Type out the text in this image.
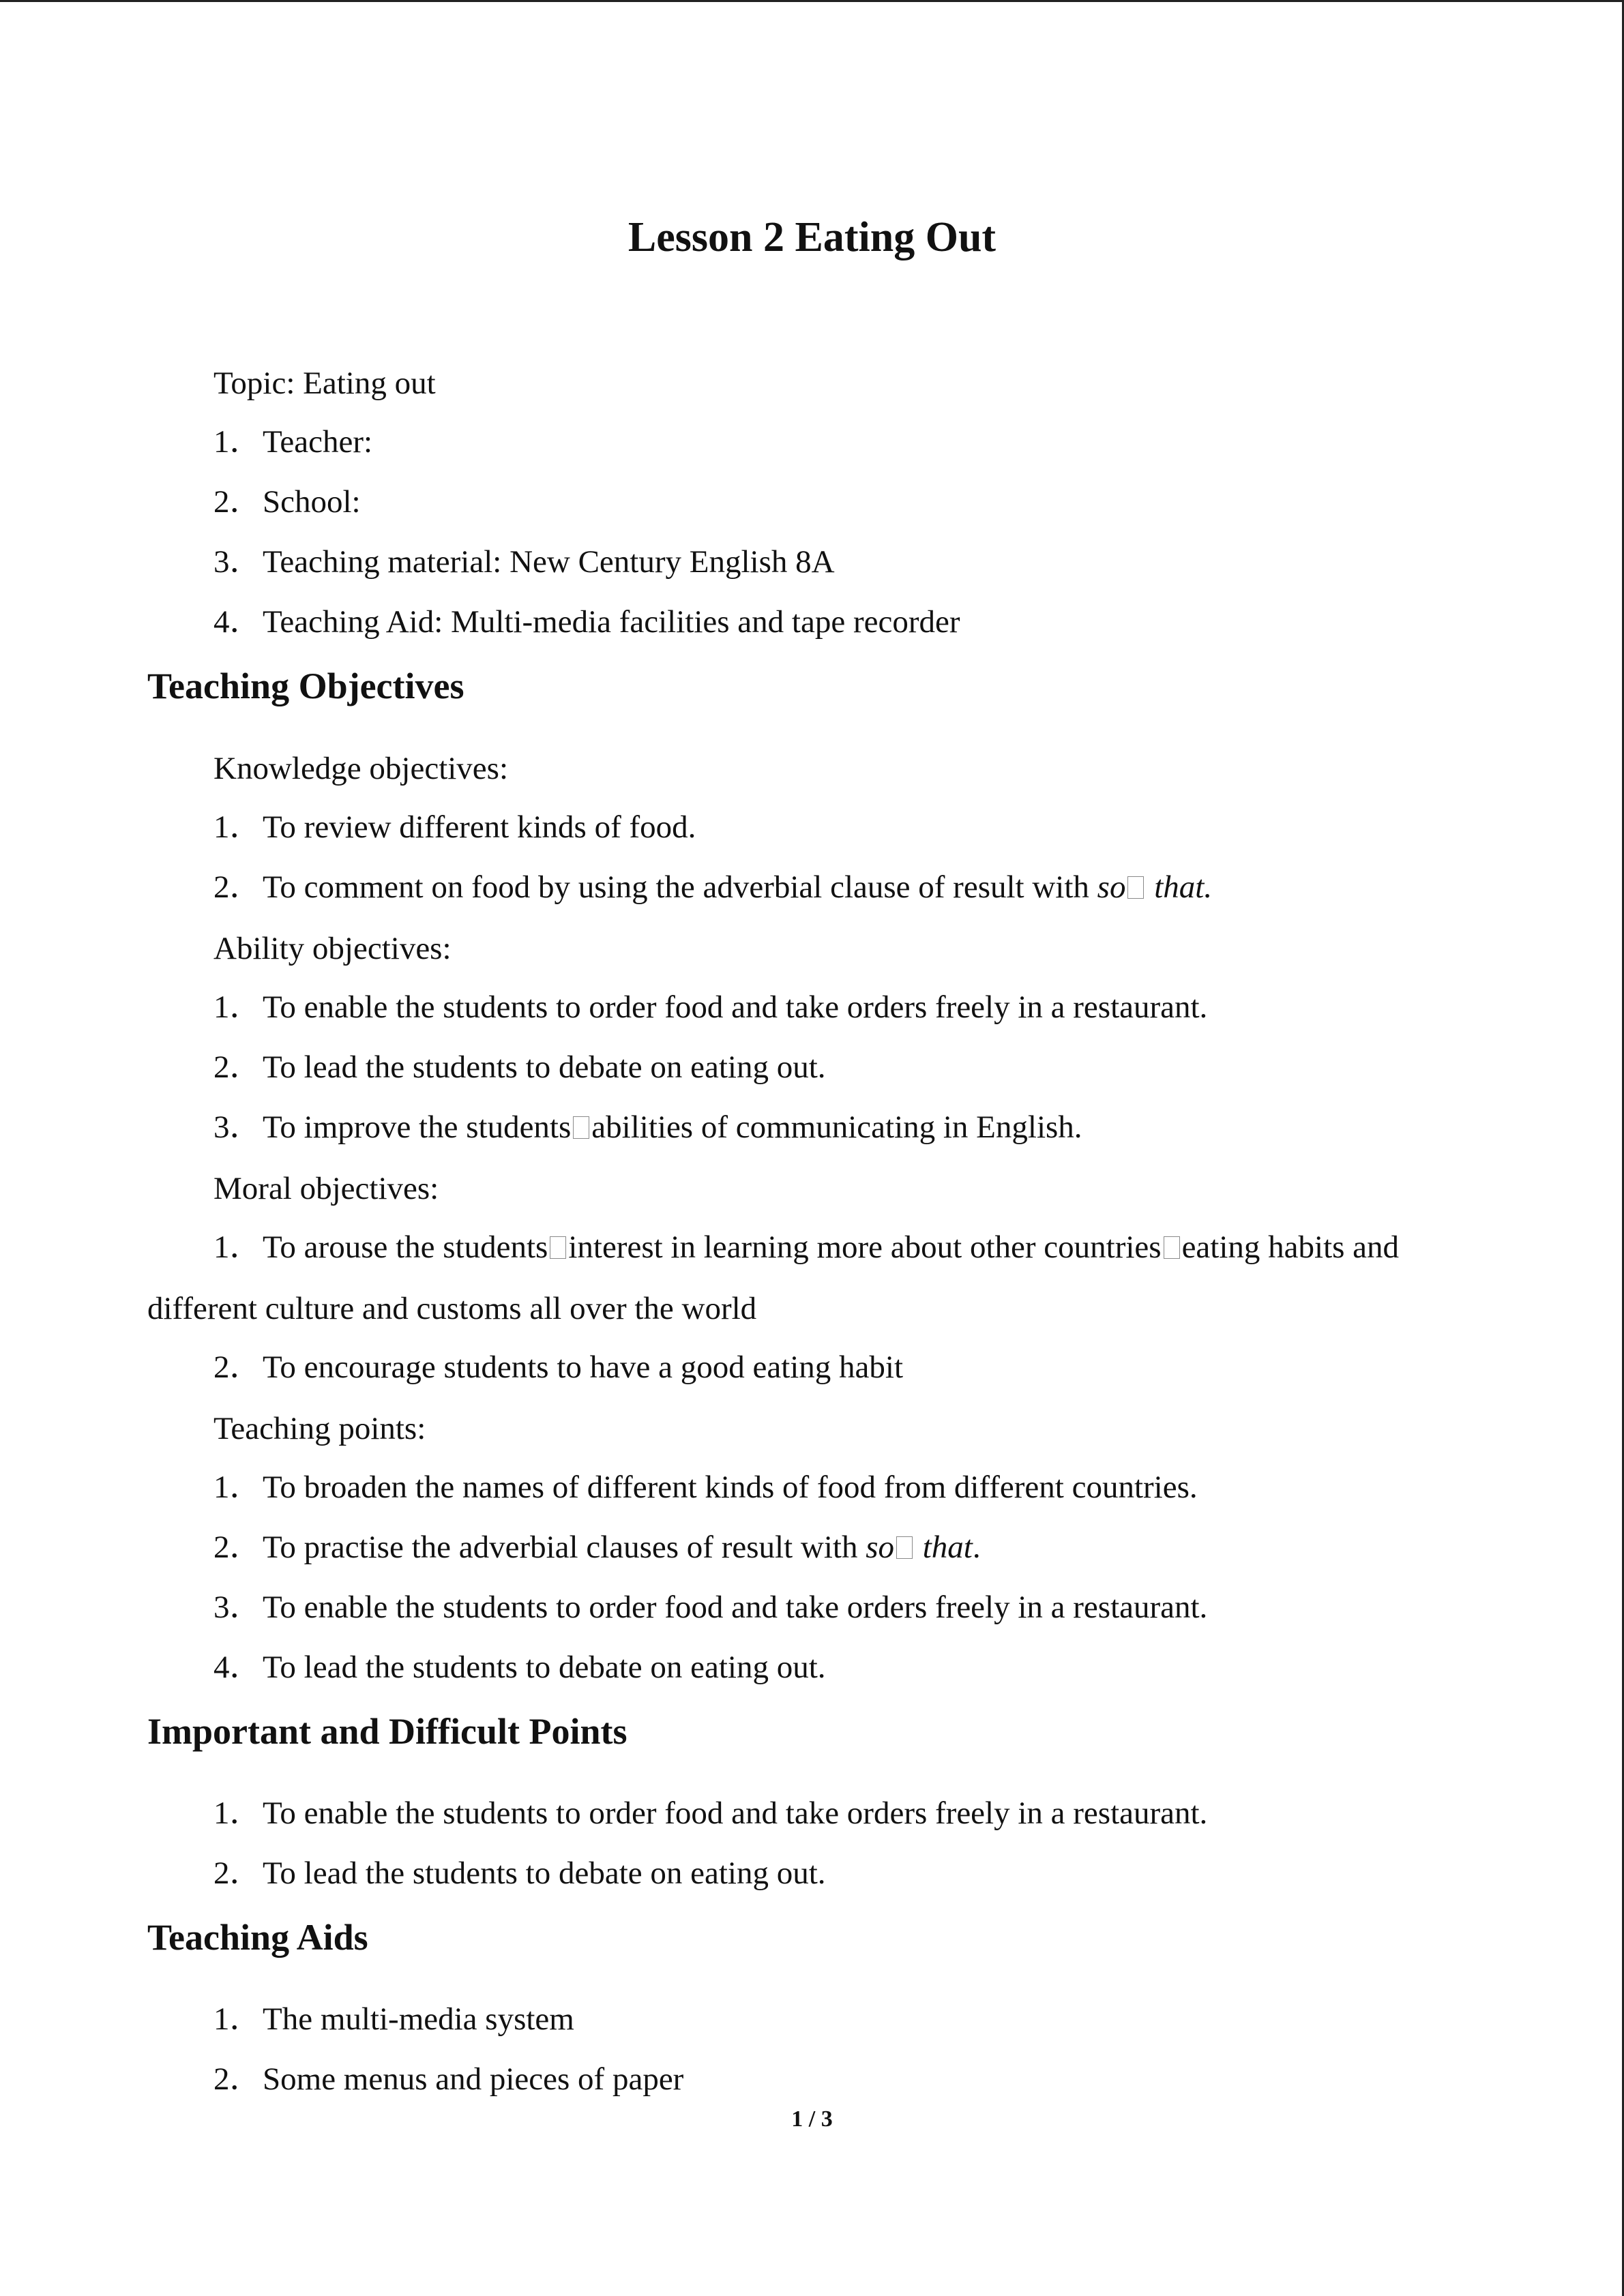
Lesson 2 Eating Out

Topic: Eating out

1．Teacher:

2．School:

3．Teaching material: New Century English 8A

4．Teaching Aid: Multi-media facilities and tape recorder

Teaching Objectives

Knowledge objectives:

1．To review different kinds of food.

2．To comment on food by using the adverbial clause of result with so that.

Ability objectives:

1．To enable the students to order food and take orders freely in a restaurant.

2．To lead the students to debate on eating out.

3．To improve the students abilities of communicating in English.

Moral objectives:

1．To arouse the students interest in learning more about other countries eating habits and

different culture and customs all over the world

2．To encourage students to have a good eating habit

Teaching points:

1．To broaden the names of different kinds of food from different countries.

2．To practise the adverbial clauses of result with so that.

3．To enable the students to order food and take orders freely in a restaurant.

4．To lead the students to debate on eating out.

Important and Difficult Points

1．To enable the students to order food and take orders freely in a restaurant.

2．To lead the students to debate on eating out.

Teaching Aids

1．The multi-media system

2．Some menus and pieces of paper

1 / 3
